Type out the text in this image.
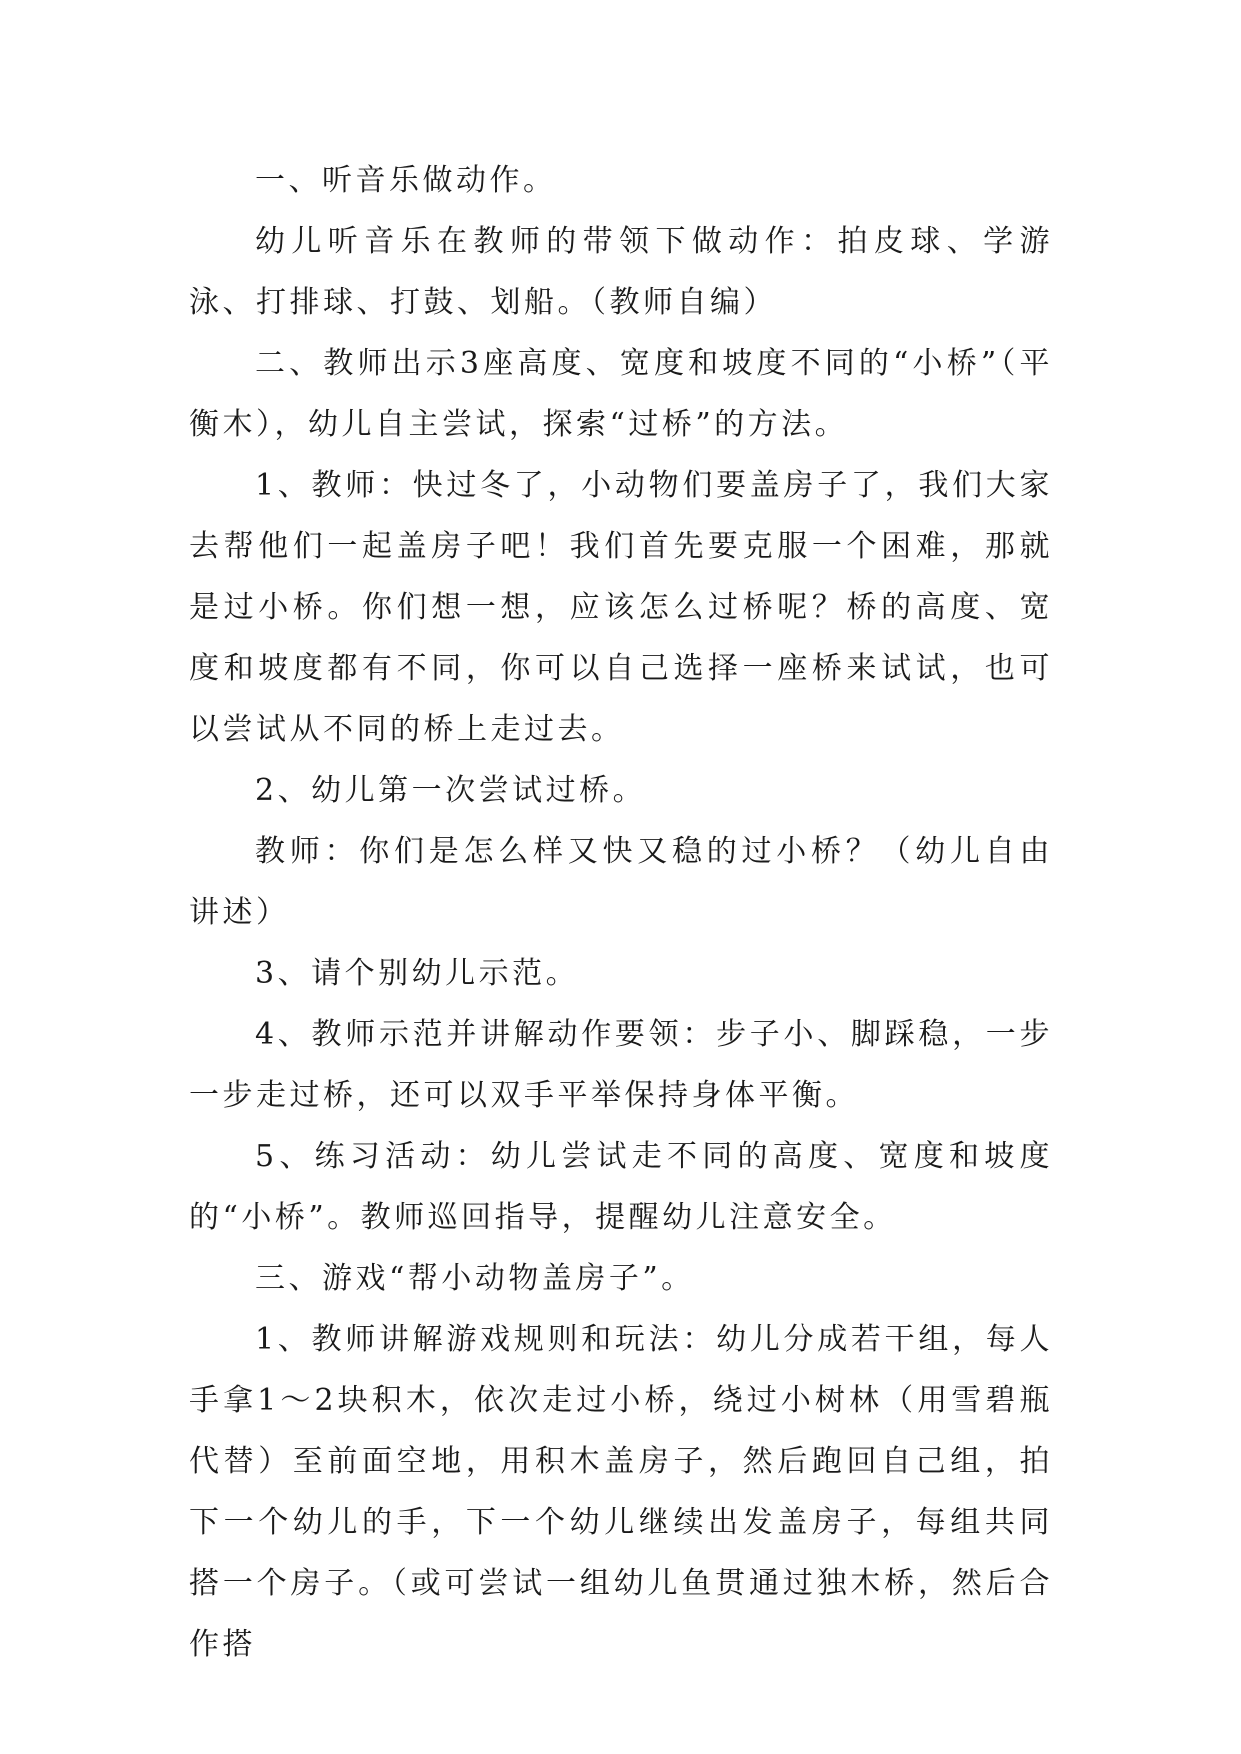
一、听音乐做动作。

幼儿听音乐在教师的带领下做动作：拍皮球、学游泳、打排球、打鼓、划船。（教师自编）

二、教师出示3座高度、宽度和坡度不同的“小桥”（平衡木），幼儿自主尝试，探索“过桥”的方法。

1、教师：快过冬了，小动物们要盖房子了，我们大家去帮他们一起盖房子吧！我们首先要克服一个困难，那就是过小桥。你们想一想，应该怎么过桥呢？桥的高度、宽度和坡度都有不同，你可以自己选择一座桥来试试，也可以尝试从不同的桥上走过去。

2、幼儿第一次尝试过桥。

教师：你们是怎么样又快又稳的过小桥？（幼儿自由讲述）

3、请个别幼儿示范。

4、教师示范并讲解动作要领：步子小、脚踩稳，一步一步走过桥，还可以双手平举保持身体平衡。

5、练习活动：幼儿尝试走不同的高度、宽度和坡度的“小桥”。教师巡回指导，提醒幼儿注意安全。

三、游戏“帮小动物盖房子”。

1、教师讲解游戏规则和玩法：幼儿分成若干组，每人手拿1～2块积木，依次走过小桥，绕过小树林（用雪碧瓶代替）至前面空地，用积木盖房子，然后跑回自己组，拍下一个幼儿的手，下一个幼儿继续出发盖房子，每组共同搭一个房子。（或可尝试一组幼儿鱼贯通过独木桥，然后合作搭
